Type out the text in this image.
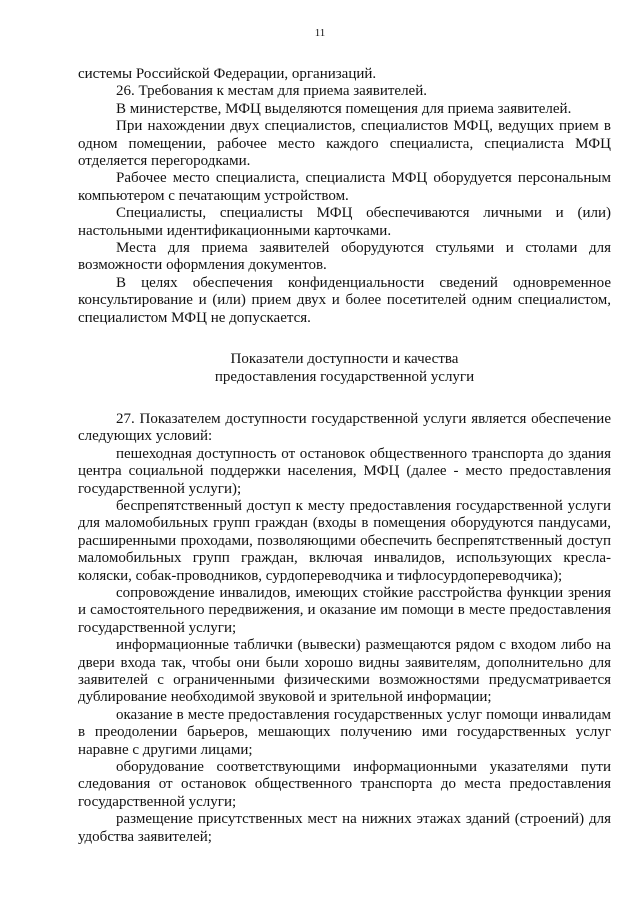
11

системы Российской Федерации, организаций.

26. Требования к местам для приема заявителей.

В министерстве, МФЦ выделяются помещения для приема заявителей.

При нахождении двух специалистов, специалистов МФЦ, ведущих прием в одном помещении, рабочее место каждого специалиста, специалиста МФЦ отделяется перегородками.

Рабочее место специалиста, специалиста МФЦ оборудуется персональным компьютером с печатающим устройством.

Специалисты, специалисты МФЦ обеспечиваются личными и (или) настольными идентификационными карточками.

Места для приема заявителей оборудуются стульями и столами для возможности оформления документов.

В целях обеспечения конфиденциальности сведений одновременное консультирование и (или) прием двух и более посетителей одним специалистом, специалистом МФЦ не допускается.

Показатели доступности и качества
предоставления государственной услуги

27. Показателем доступности государственной услуги является обеспечение следующих условий:

пешеходная доступность от остановок общественного транспорта до здания центра социальной поддержки населения, МФЦ (далее - место предоставления государственной услуги);

беспрепятственный доступ к месту предоставления государственной услуги для маломобильных групп граждан (входы в помещения оборудуются пандусами, расширенными проходами, позволяющими обеспечить беспрепятственный доступ маломобильных групп граждан, включая инвалидов, использующих кресла-коляски, собак-проводников, сурдопереводчика и тифлосурдопереводчика);

сопровождение инвалидов, имеющих стойкие расстройства функции зрения и самостоятельного передвижения, и оказание им помощи в месте предоставления государственной услуги;

информационные таблички (вывески) размещаются рядом с входом либо на двери входа так, чтобы они были хорошо видны заявителям, дополнительно для заявителей с ограниченными физическими возможностями предусматривается дублирование необходимой звуковой и зрительной информации;

оказание в месте предоставления государственных услуг помощи инвалидам в преодолении барьеров, мешающих получению ими государственных услуг наравне с другими лицами;

оборудование соответствующими информационными указателями пути следования от остановок общественного транспорта до места предоставления государственной услуги;

размещение присутственных мест на нижних этажах зданий (строений) для удобства заявителей;
